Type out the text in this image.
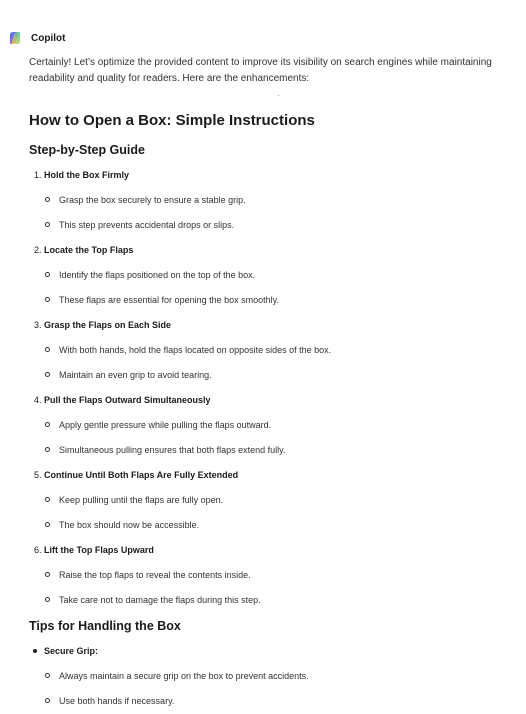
Copilot
Certainly! Let’s optimize the provided content to improve its visibility on search engines while maintaining readability and quality for readers. Here are the enhancements:
How to Open a Box: Simple Instructions
Step-by-Step Guide
1. Hold the Box Firmly
Grasp the box securely to ensure a stable grip.
This step prevents accidental drops or slips.
2. Locate the Top Flaps
Identify the flaps positioned on the top of the box.
These flaps are essential for opening the box smoothly.
3. Grasp the Flaps on Each Side
With both hands, hold the flaps located on opposite sides of the box.
Maintain an even grip to avoid tearing.
4. Pull the Flaps Outward Simultaneously
Apply gentle pressure while pulling the flaps outward.
Simultaneous pulling ensures that both flaps extend fully.
5. Continue Until Both Flaps Are Fully Extended
Keep pulling until the flaps are fully open.
The box should now be accessible.
6. Lift the Top Flaps Upward
Raise the top flaps to reveal the contents inside.
Take care not to damage the flaps during this step.
Tips for Handling the Box
Secure Grip:
Always maintain a secure grip on the box to prevent accidents.
Use both hands if necessary.
